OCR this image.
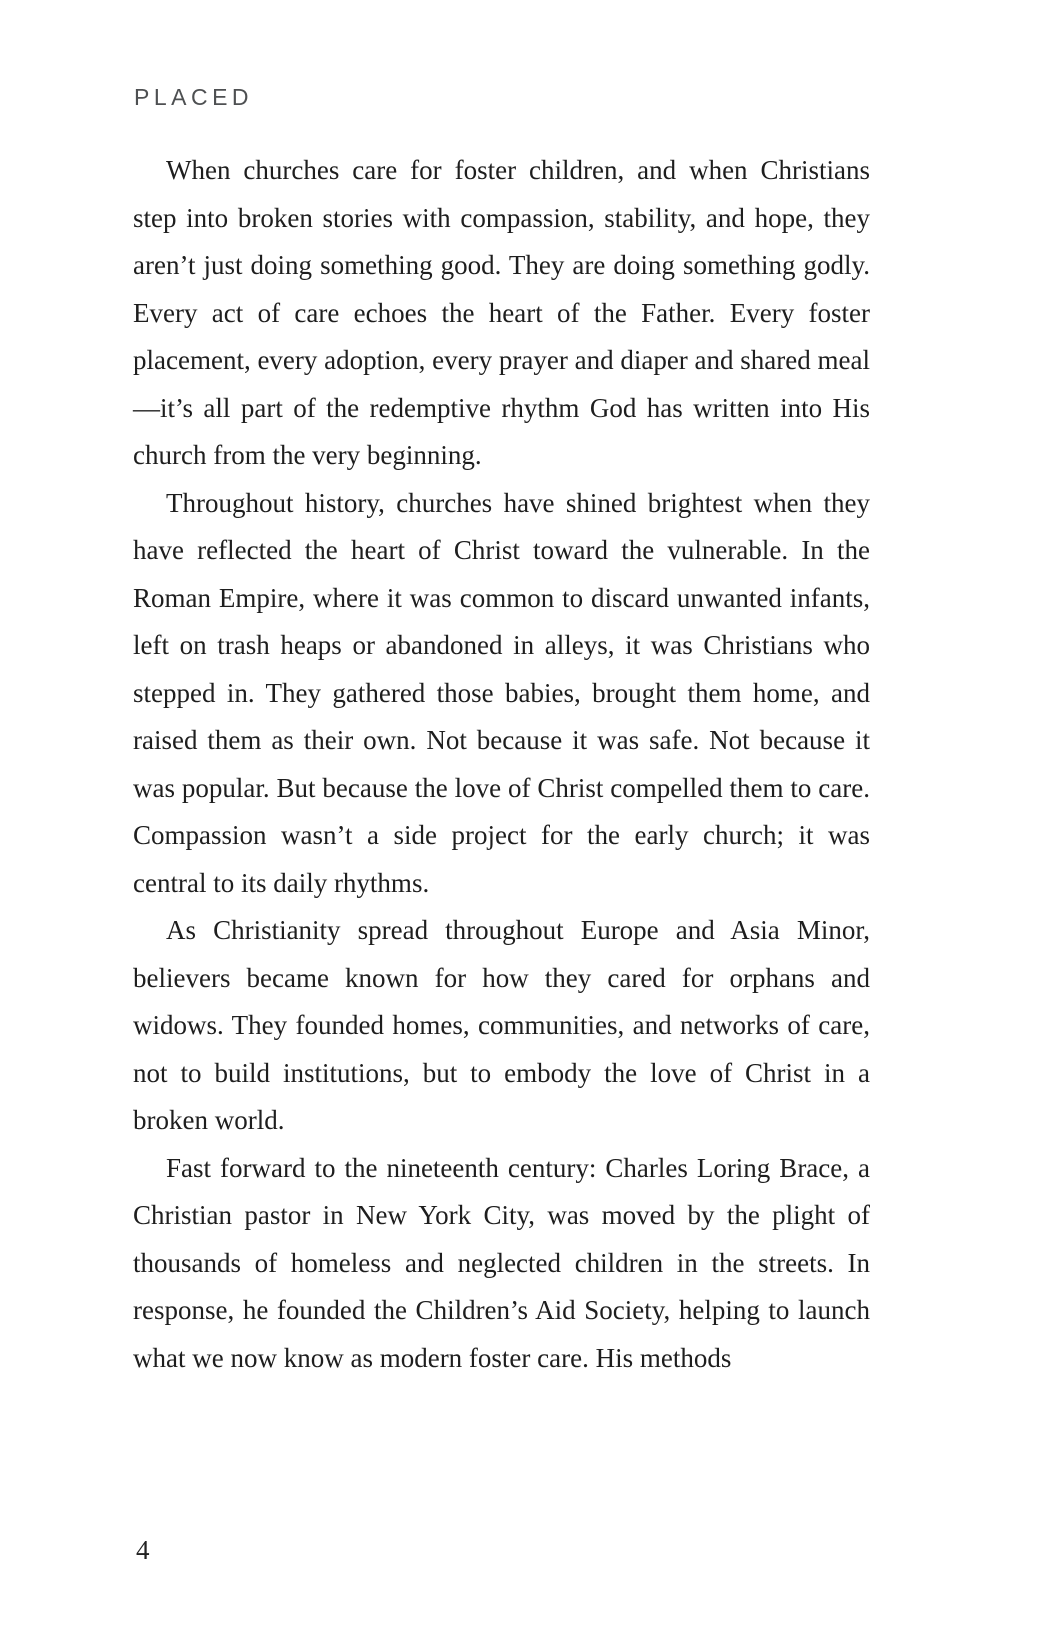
PLACED

When churches care for foster children, and when Christians step into broken stories with compassion, stability, and hope, they aren’t just doing something good. They are doing something godly. Every act of care echoes the heart of the Father. Every foster placement, every adoption, every prayer and diaper and shared meal—it’s all part of the redemptive rhythm God has written into His church from the very beginning.

Throughout history, churches have shined brightest when they have reflected the heart of Christ toward the vulnerable. In the Roman Empire, where it was common to discard unwanted infants, left on trash heaps or abandoned in alleys, it was Christians who stepped in. They gathered those babies, brought them home, and raised them as their own. Not because it was safe. Not because it was popular. But because the love of Christ compelled them to care. Compassion wasn’t a side project for the early church; it was central to its daily rhythms.

As Christianity spread throughout Europe and Asia Minor, believers became known for how they cared for orphans and widows. They founded homes, communities, and networks of care, not to build institutions, but to embody the love of Christ in a broken world.

Fast forward to the nineteenth century: Charles Loring Brace, a Christian pastor in New York City, was moved by the plight of thousands of homeless and neglected children in the streets. In response, he founded the Children’s Aid Society, helping to launch what we now know as modern foster care. His methods

4
